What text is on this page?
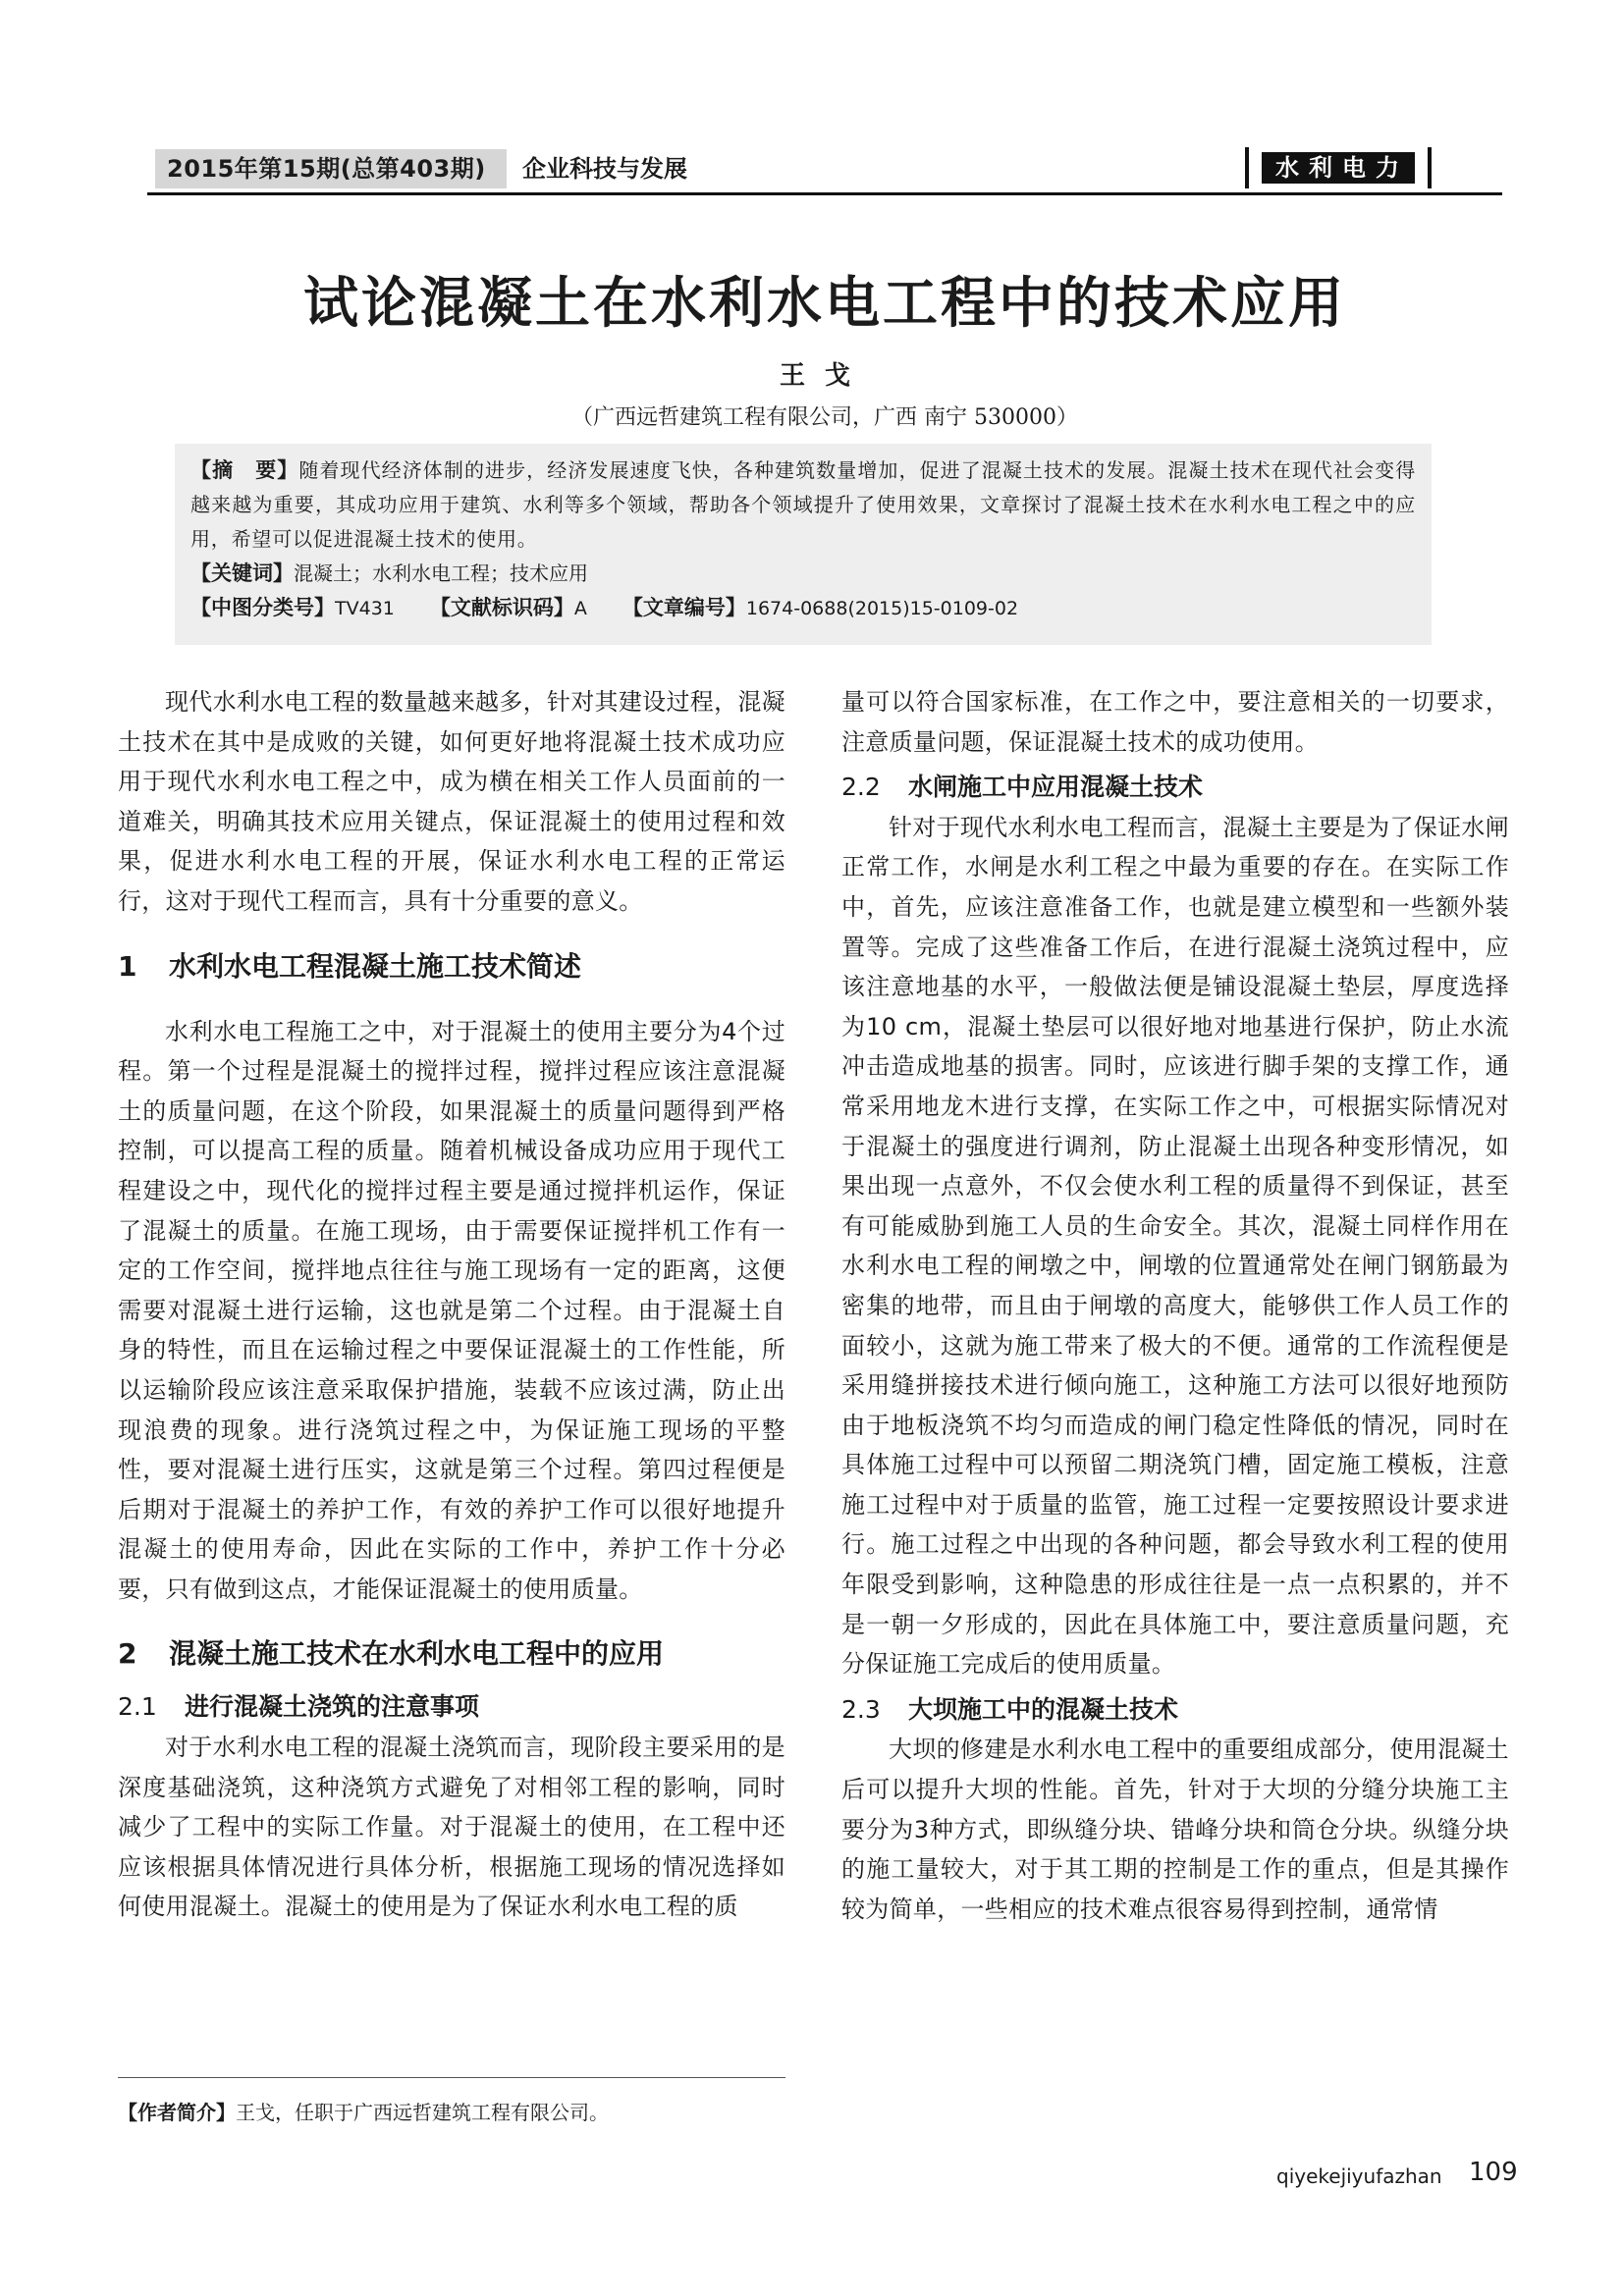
2015年第15期(总第403期)	企业科技与发展	水利电力
试论混凝土在水利水电工程中的技术应用
王戈
（广西远哲建筑工程有限公司，广西 南宁 530000）
【摘　要】随着现代经济体制的进步，经济发展速度飞快，各种建筑数量增加，促进了混凝土技术的发展。混凝土技术在现代社会变得越来越为重要，其成功应用于建筑、水利等多个领域，帮助各个领域提升了使用效果，文章探讨了混凝土技术在水利水电工程之中的应用，希望可以促进混凝土技术的使用。
【关键词】混凝土；水利水电工程；技术应用
【中图分类号】TV431 【文献标识码】A 【文章编号】1674-0688(2015)15-0109-02

现代水利水电工程的数量越来越多，针对其建设过程，混凝土技术在其中是成败的关键，如何更好地将混凝土技术成功应用于现代水利水电工程之中，成为横在相关工作人员面前的一道难关，明确其技术应用关键点，保证混凝土的使用过程和效果，促进水利水电工程的开展，保证水利水电工程的正常运行，这对于现代工程而言，具有十分重要的意义。

1 水利水电工程混凝土施工技术简述

水利水电工程施工之中，对于混凝土的使用主要分为4个过程。第一个过程是混凝土的搅拌过程，搅拌过程应该注意混凝土的质量问题，在这个阶段，如果混凝土的质量问题得到严格控制，可以提高工程的质量。随着机械设备成功应用于现代工程建设之中，现代化的搅拌过程主要是通过搅拌机运作，保证了混凝土的质量。在施工现场，由于需要保证搅拌机工作有一定的工作空间，搅拌地点往往与施工现场有一定的距离，这便需要对混凝土进行运输，这也就是第二个过程。由于混凝土自身的特性，而且在运输过程之中要保证混凝土的工作性能，所以运输阶段应该注意采取保护措施，装载不应该过满，防止出现浪费的现象。进行浇筑过程之中，为保证施工现场的平整性，要对混凝土进行压实，这就是第三个过程。第四过程便是后期对于混凝土的养护工作，有效的养护工作可以很好地提升混凝土的使用寿命，因此在实际的工作中，养护工作十分必要，只有做到这点，才能保证混凝土的使用质量。

2 混凝土施工技术在水利水电工程中的应用
2.1 进行混凝土浇筑的注意事项

对于水利水电工程的混凝土浇筑而言，现阶段主要采用的是深度基础浇筑，这种浇筑方式避免了对相邻工程的影响，同时减少了工程中的实际工作量。对于混凝土的使用，在工程中还应该根据具体情况进行具体分析，根据施工现场的情况选择如何使用混凝土。混凝土的使用是为了保证水利水电工程的质

量可以符合国家标准，在工作之中，要注意相关的一切要求，注意质量问题，保证混凝土技术的成功使用。

2.2 水闸施工中应用混凝土技术

针对于现代水利水电工程而言，混凝土主要是为了保证水闸正常工作，水闸是水利工程之中最为重要的存在。在实际工作中，首先，应该注意准备工作，也就是建立模型和一些额外装置等。完成了这些准备工作后，在进行混凝土浇筑过程中，应该注意地基的水平，一般做法便是铺设混凝土垫层，厚度选择为10 cm，混凝土垫层可以很好地对地基进行保护，防止水流冲击造成地基的损害。同时，应该进行脚手架的支撑工作，通常采用地龙木进行支撑，在实际工作之中，可根据实际情况对于混凝土的强度进行调剂，防止混凝土出现各种变形情况，如果出现一点意外，不仅会使水利工程的质量得不到保证，甚至有可能威胁到施工人员的生命安全。其次，混凝土同样作用在水利水电工程的闸墩之中，闸墩的位置通常处在闸门钢筋最为密集的地带，而且由于闸墩的高度大，能够供工作人员工作的面较小，这就为施工带来了极大的不便。通常的工作流程便是采用缝拼接技术进行倾向施工，这种施工方法可以很好地预防由于地板浇筑不均匀而造成的闸门稳定性降低的情况，同时在具体施工过程中可以预留二期浇筑门槽，固定施工模板，注意施工过程中对于质量的监管，施工过程一定要按照设计要求进行。施工过程之中出现的各种问题，都会导致水利工程的使用年限受到影响，这种隐患的形成往往是一点一点积累的，并不是一朝一夕形成的，因此在具体施工中，要注意质量问题，充分保证施工完成后的使用质量。

2.3 大坝施工中的混凝土技术

大坝的修建是水利水电工程中的重要组成部分，使用混凝土后可以提升大坝的性能。首先，针对于大坝的分缝分块施工主要分为3种方式，即纵缝分块、错峰分块和筒仓分块。纵缝分块的施工量较大，对于其工期的控制是工作的重点，但是其操作较为简单，一些相应的技术难点很容易得到控制，通常情

【作者简介】王戈，任职于广西远哲建筑工程有限公司。
qiyekejiyufazhan 109
